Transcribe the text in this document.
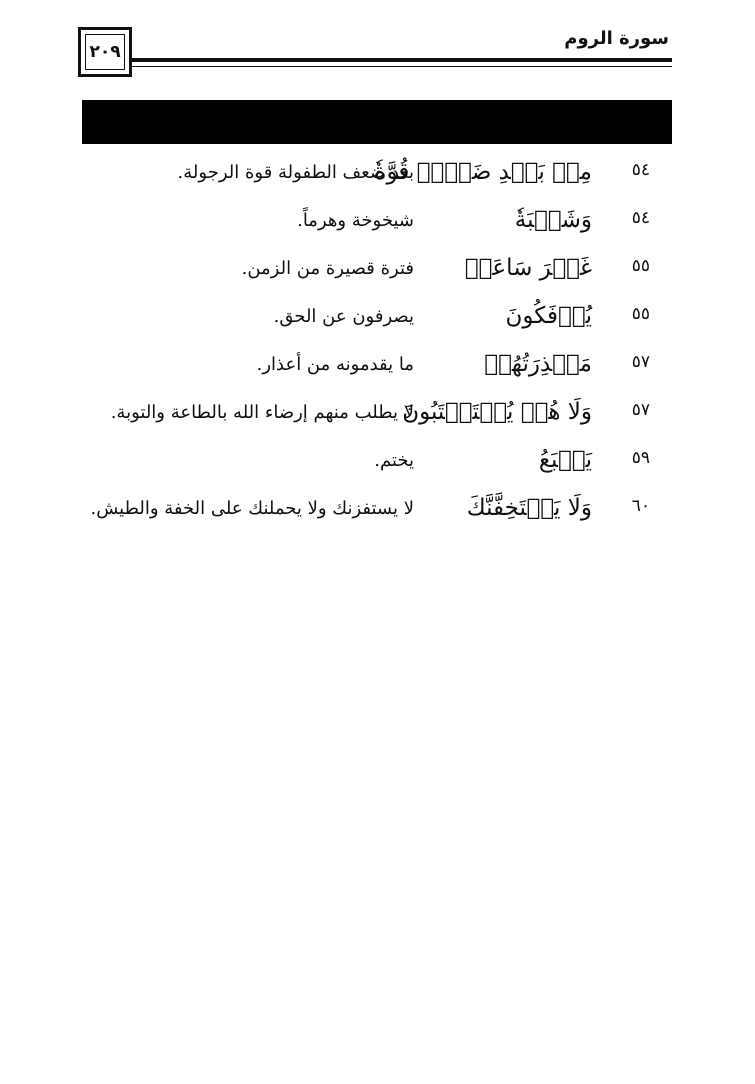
٢٠٩
سورة الروم
٥٤
مِنۢ بَعۡدِ ضَعۡفٖ قُوَّةٗ
بعد ضعف الطفولة قوة الرجولة.
٥٤
وَشَيۡبَةٗ
شيخوخة وهرماً.
٥٥
غَيۡرَ سَاعَةٖ
فترة قصيرة من الزمن.
٥٥
يُؤۡفَكُونَ
يصرفون عن الحق.
٥٧
مَعۡذِرَتُهُمۡ
ما يقدمونه من أعذار.
٥٧
وَلَا هُمۡ يُسۡتَعۡتَبُونَ
لا يطلب منهم إرضاء الله بالطاعة والتوبة.
٥٩
يَطۡبَعُ
يختم.
٦٠
وَلَا يَسۡتَخِفَّنَّكَ
لا يستفزنك ولا يحملنك على الخفة والطيش.
